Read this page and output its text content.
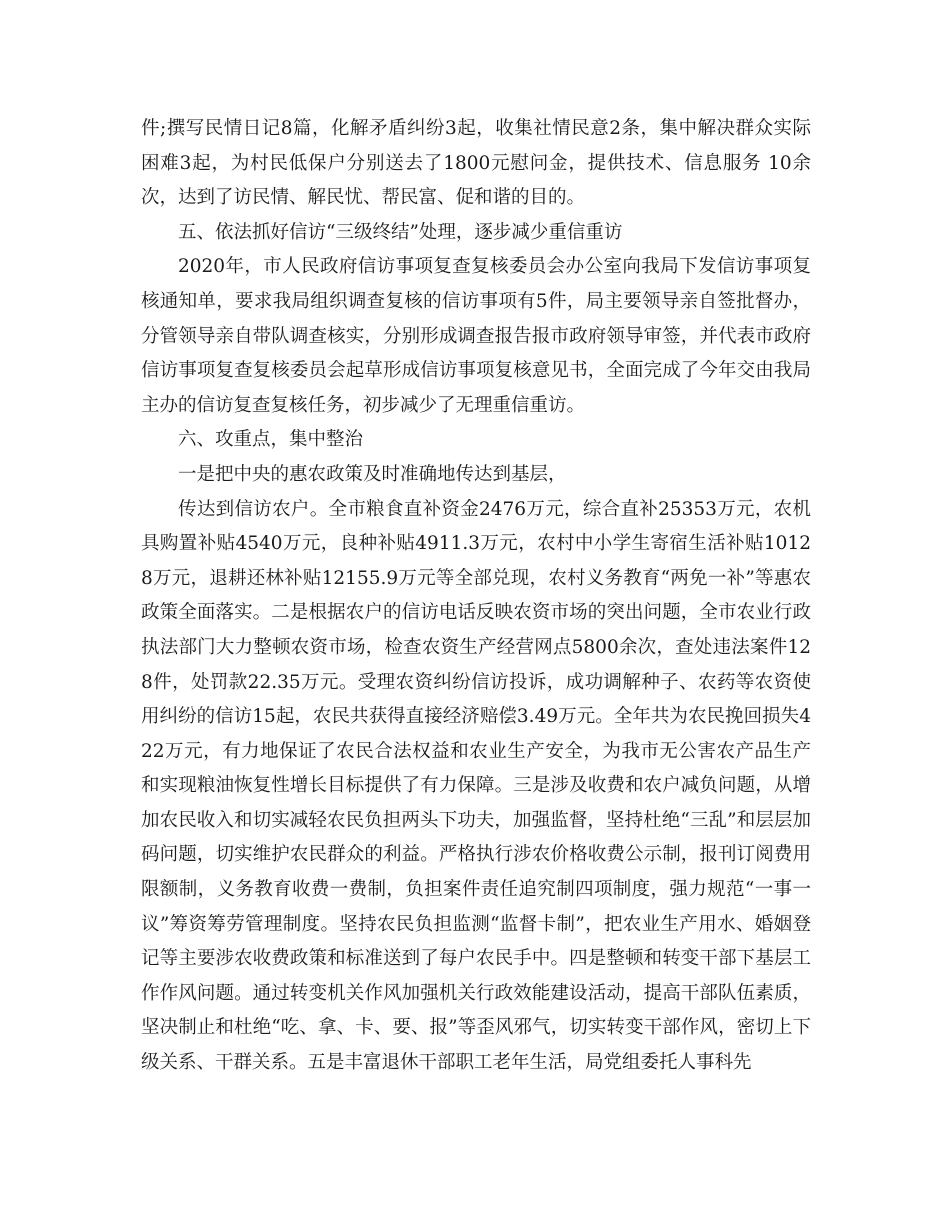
件;撰写民情日记8篇，化解矛盾纠纷3起，收集社情民意2条，集中解决群众实际困难3起，为村民低保户分别送去了1800元慰问金，提供技术、信息服务 10余次，达到了访民情、解民忧、帮民富、促和谐的目的。

五、依法抓好信访“三级终结”处理，逐步减少重信重访

2020年，市人民政府信访事项复查复核委员会办公室向我局下发信访事项复核通知单，要求我局组织调查复核的信访事项有5件，局主要领导亲自签批督办，分管领导亲自带队调查核实，分别形成调查报告报市政府领导审签，并代表市政府信访事项复查复核委员会起草形成信访事项复核意见书，全面完成了今年交由我局主办的信访复查复核任务，初步减少了无理重信重访。

六、攻重点，集中整治

一是把中央的惠农政策及时准确地传达到基层，

传达到信访农户。全市粮食直补资金2476万元，综合直补25353万元，农机具购置补贴4540万元，良种补贴4911.3万元，农村中小学生寄宿生活补贴10128万元，退耕还林补贴12155.9万元等全部兑现，农村义务教育“两免一补”等惠农政策全面落实。二是根据农户的信访电话反映农资市场的突出问题，全市农业行政执法部门大力整顿农资市场，检查农资生产经营网点5800余次，查处违法案件128件，处罚款22.35万元。受理农资纠纷信访投诉，成功调解种子、农药等农资使用纠纷的信访15起，农民共获得直接经济赔偿3.49万元。全年共为农民挽回损失422万元，有力地保证了农民合法权益和农业生产安全，为我市无公害农产品生产和实现粮油恢复性增长目标提供了有力保障。三是涉及收费和农户减负问题，从增加农民收入和切实减轻农民负担两头下功夫，加强监督，坚持杜绝“三乱”和层层加码问题，切实维护农民群众的利益。严格执行涉农价格收费公示制，报刊订阅费用限额制，义务教育收费一费制，负担案件责任追究制四项制度，强力规范“一事一议”筹资筹劳管理制度。坚持农民负担监测“监督卡制”，把农业生产用水、婚姻登记等主要涉农收费政策和标准送到了每户农民手中。四是整顿和转变干部下基层工作作风问题。通过转变机关作风加强机关行政效能建设活动，提高干部队伍素质，坚决制止和杜绝“吃、拿、卡、要、报”等歪风邪气，切实转变干部作风，密切上下级关系、干群关系。五是丰富退休干部职工老年生活，局党组委托人事科先
